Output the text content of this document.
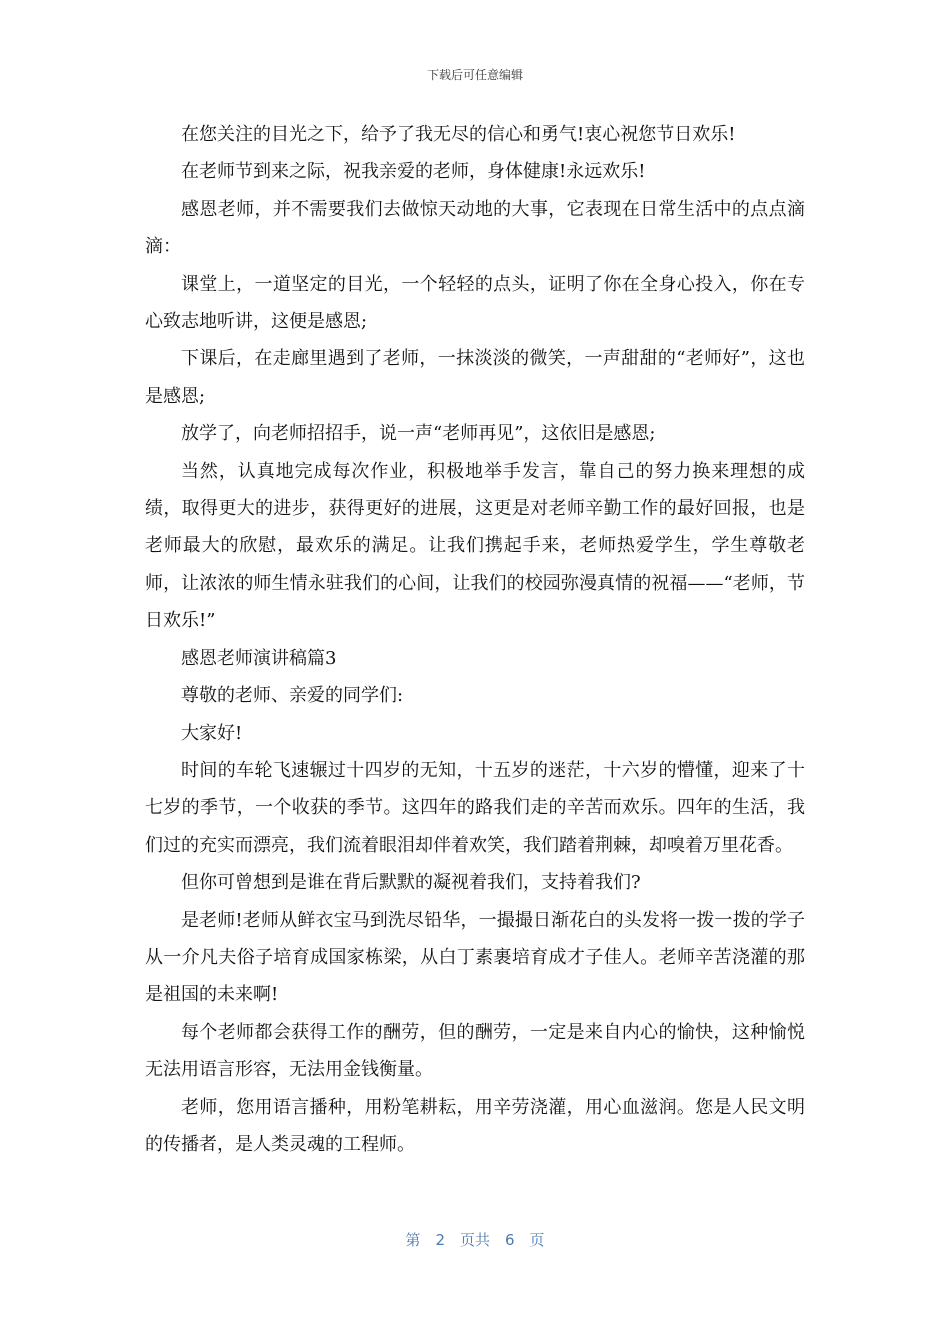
下载后可任意编辑

在您关注的目光之下，给予了我无尽的信心和勇气!衷心祝您节日欢乐!

在老师节到来之际，祝我亲爱的老师，身体健康!永远欢乐!

感恩老师，并不需要我们去做惊天动地的大事，它表现在日常生活中的点点滴滴：

课堂上，一道坚定的目光，一个轻轻的点头，证明了你在全身心投入，你在专心致志地听讲，这便是感恩;

下课后，在走廊里遇到了老师，一抹淡淡的微笑，一声甜甜的“老师好”，这也是感恩;

放学了，向老师招招手，说一声“老师再见”，这依旧是感恩;

当然，认真地完成每次作业，积极地举手发言，靠自己的努力换来理想的成绩，取得更大的进步，获得更好的进展，这更是对老师辛勤工作的最好回报，也是老师最大的欣慰，最欢乐的满足。让我们携起手来，老师热爱学生，学生尊敬老师，让浓浓的师生情永驻我们的心间，让我们的校园弥漫真情的祝福——“老师，节日欢乐!”

感恩老师演讲稿篇3

尊敬的老师、亲爱的同学们:

大家好!

时间的车轮飞速辗过十四岁的无知，十五岁的迷茫，十六岁的懵懂，迎来了十七岁的季节，一个收获的季节。这四年的路我们走的辛苦而欢乐。四年的生活，我们过的充实而漂亮，我们流着眼泪却伴着欢笑，我们踏着荆棘，却嗅着万里花香。

但你可曾想到是谁在背后默默的凝视着我们，支持着我们?

是老师!老师从鲜衣宝马到洗尽铅华，一撮撮日渐花白的头发将一拨一拨的学子从一介凡夫俗子培育成国家栋梁，从白丁素裹培育成才子佳人。老师辛苦浇灌的那是祖国的未来啊!

每个老师都会获得工作的酬劳，但的酬劳，一定是来自内心的愉快，这种愉悦无法用语言形容，无法用金钱衡量。

老师，您用语言播种，用粉笔耕耘，用辛劳浇灌，用心血滋润。您是人民文明的传播者，是人类灵魂的工程师。

第 2 页共 6 页
